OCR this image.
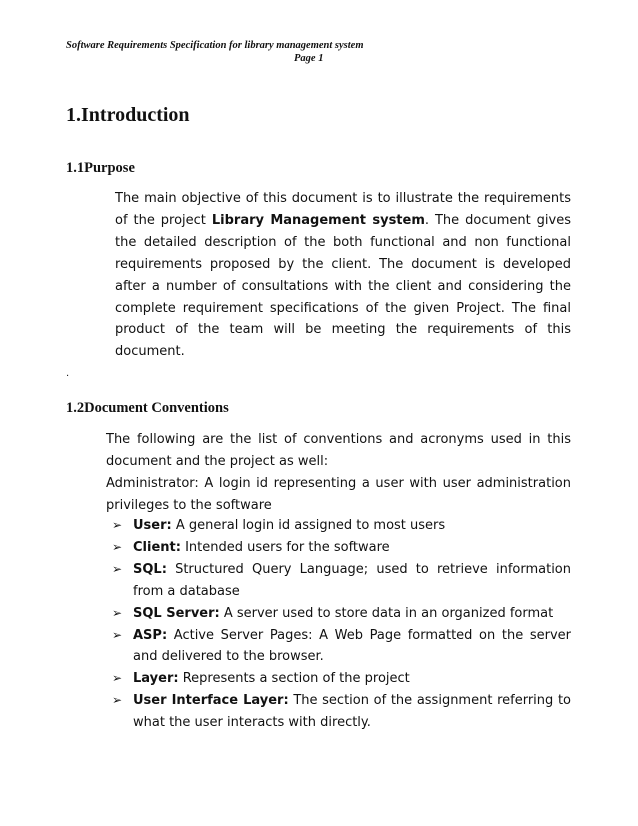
Software Requirements Specification for library management system
Page 1
1.Introduction
1.1Purpose

The main objective of this document is to illustrate the requirements of the project Library Management system. The document gives the detailed description of the both functional and non functional requirements proposed by the client. The document is developed after a number of consultations with the client and considering the complete requirement specifications of the given Project. The final product of the team will be meeting the requirements of this document.

.
1.2Document Conventions

The following are the list of conventions and acronyms used in this document and the project as well:

Administrator: A login id representing a user with user administration privileges to the software

➢ User: A general login id assigned to most users
➢ Client: Intended users for the software
➢ SQL: Structured Query Language; used to retrieve information from a database
➢ SQL Server: A server used to store data in an organized format
➢ ASP: Active Server Pages: A Web Page formatted on the server and delivered to the browser.
➢ Layer: Represents a section of the project
➢ User Interface Layer: The section of the assignment referring to what the user interacts with directly.
